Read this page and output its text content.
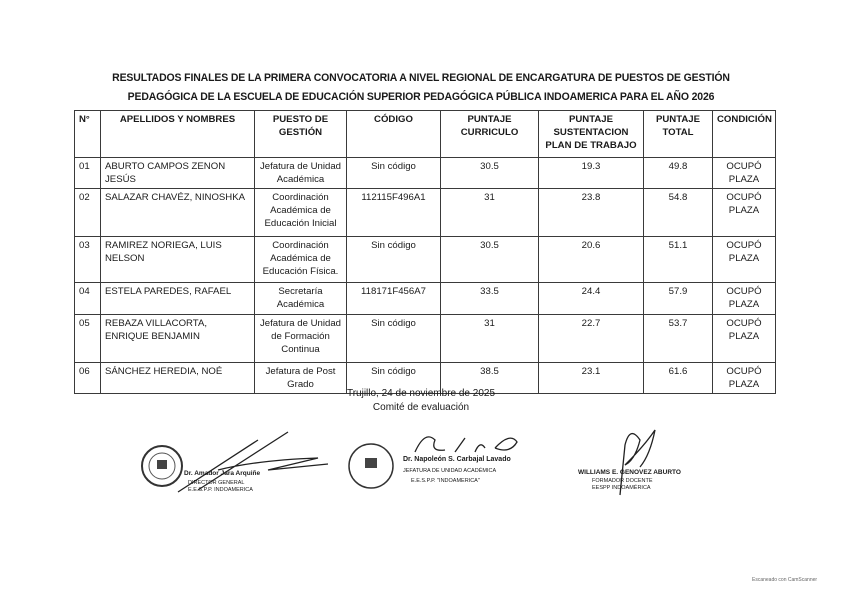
RESULTADOS FINALES DE LA PRIMERA CONVOCATORIA A NIVEL REGIONAL DE ENCARGATURA DE PUESTOS DE GESTIÓN
PEDAGÓGICA DE LA ESCUELA DE EDUCACIÓN SUPERIOR PEDAGÓGICA PÚBLICA INDOAMERICA PARA EL AÑO 2026
N°	APELLIDOS Y NOMBRES	PUESTO DE GESTIÓN	CÓDIGO	PUNTAJE CURRICULO	PUNTAJE SUSTENTACION PLAN DE TRABAJO	PUNTAJE TOTAL	CONDICIÓN
01	ABURTO CAMPOS ZENON JESÚS	Jefatura de Unidad Académica	Sin código	30.5	19.3	49.8	OCUPÓ PLAZA
02	SALAZAR CHAVÉZ, NINOSHKA	Coordinación Académica de Educación Inicial	112115F496A1	31	23.8	54.8	OCUPÓ PLAZA
03	RAMIREZ NORIEGA, LUIS NELSON	Coordinación Académica de Educación Física.	Sin código	30.5	20.6	51.1	OCUPÓ PLAZA
04	ESTELA PAREDES, RAFAEL	Secretaría Académica	118171F456A7	33.5	24.4	57.9	OCUPÓ PLAZA
05	REBAZA VILLACORTA, ENRIQUE BENJAMIN	Jefatura de Unidad de Formación Continua	Sin código	31	22.7	53.7	OCUPÓ PLAZA
06	SÁNCHEZ HEREDIA, NOÉ	Jefatura de Post Grado	Sin código	38.5	23.1	61.6	OCUPÓ PLAZA
Trujillo, 24 de noviembre de 2025
Comité de evaluación
Dr. Amador Jara Arquiñe
DIRECTOR GENERAL
E.E.S.P.P. INDOAMERICA
Dr. Napoleón S. Carbajal Lavado
JEFATURA DE UNIDAD ACADÉMICA
E.E.S.P.P. "INDOAMERICA"
WILLIAMS E. GENOVEZ ABURTO
FORMADOR DOCENTE
EESPP INDOAMÉRICA
Escaneado con CamScanner
